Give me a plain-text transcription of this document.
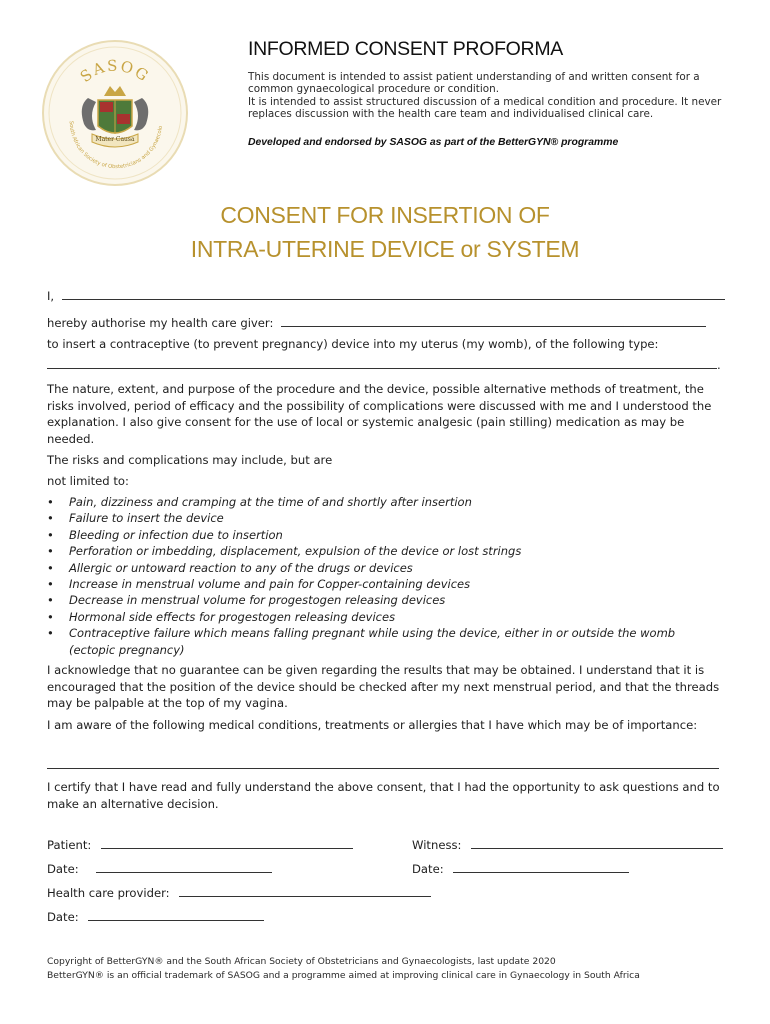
SASOG
Mater Causa
South African Society of Obstetricians and Gynaecolo
INFORMED CONSENT PROFORMA
This document is intended to assist patient understanding of and written consent for a common gynaecological procedure or condition.
It is intended to assist structured discussion of a medical condition and procedure. It never replaces discussion with the health care team and individualised clinical care.
Developed and endorsed by SASOG as part of the BetterGYN® programme
CONSENT FOR INSERTION OF
INTRA-UTERINE DEVICE or SYSTEM
I,
hereby authorise my health care giver:
to insert a contraceptive (to prevent pregnancy) device into my uterus (my womb), of the following type:
.
The nature, extent, and purpose of the procedure and the device, possible alternative methods of treatment, the risks involved, period of efficacy and the possibility of complications were discussed with me and I understood the explanation. I also give consent for the use of local or systemic analgesic (pain stilling) medication as may be needed.
The risks and complications may include, but are
not limited to:
• Pain, dizziness and cramping at the time of and shortly after insertion
• Failure to insert the device
• Bleeding or infection due to insertion
• Perforation or imbedding, displacement, expulsion of the device or lost strings
• Allergic or untoward reaction to any of the drugs or devices
• Increase in menstrual volume and pain for Copper-containing devices
• Decrease in menstrual volume for progestogen releasing devices
• Hormonal side effects for progestogen releasing devices
• Contraceptive failure which means falling pregnant while using the device, either in or outside the womb (ectopic pregnancy)
I acknowledge that no guarantee can be given regarding the results that may be obtained. I understand that it is encouraged that the position of the device should be checked after my next menstrual period, and that the threads may be palpable at the top of my vagina.
I am aware of the following medical conditions, treatments or allergies that I have which may be of importance:
I certify that I have read and fully understand the above consent, that I had the opportunity to ask questions and to make an alternative decision.
Patient:	Witness:
Date:	Date:
Health care provider:
Date:
Copyright of BetterGYN® and the South African Society of Obstetricians and Gynaecologists, last update 2020
BetterGYN® is an official trademark of SASOG and a programme aimed at improving clinical care in Gynaecology in South Africa
